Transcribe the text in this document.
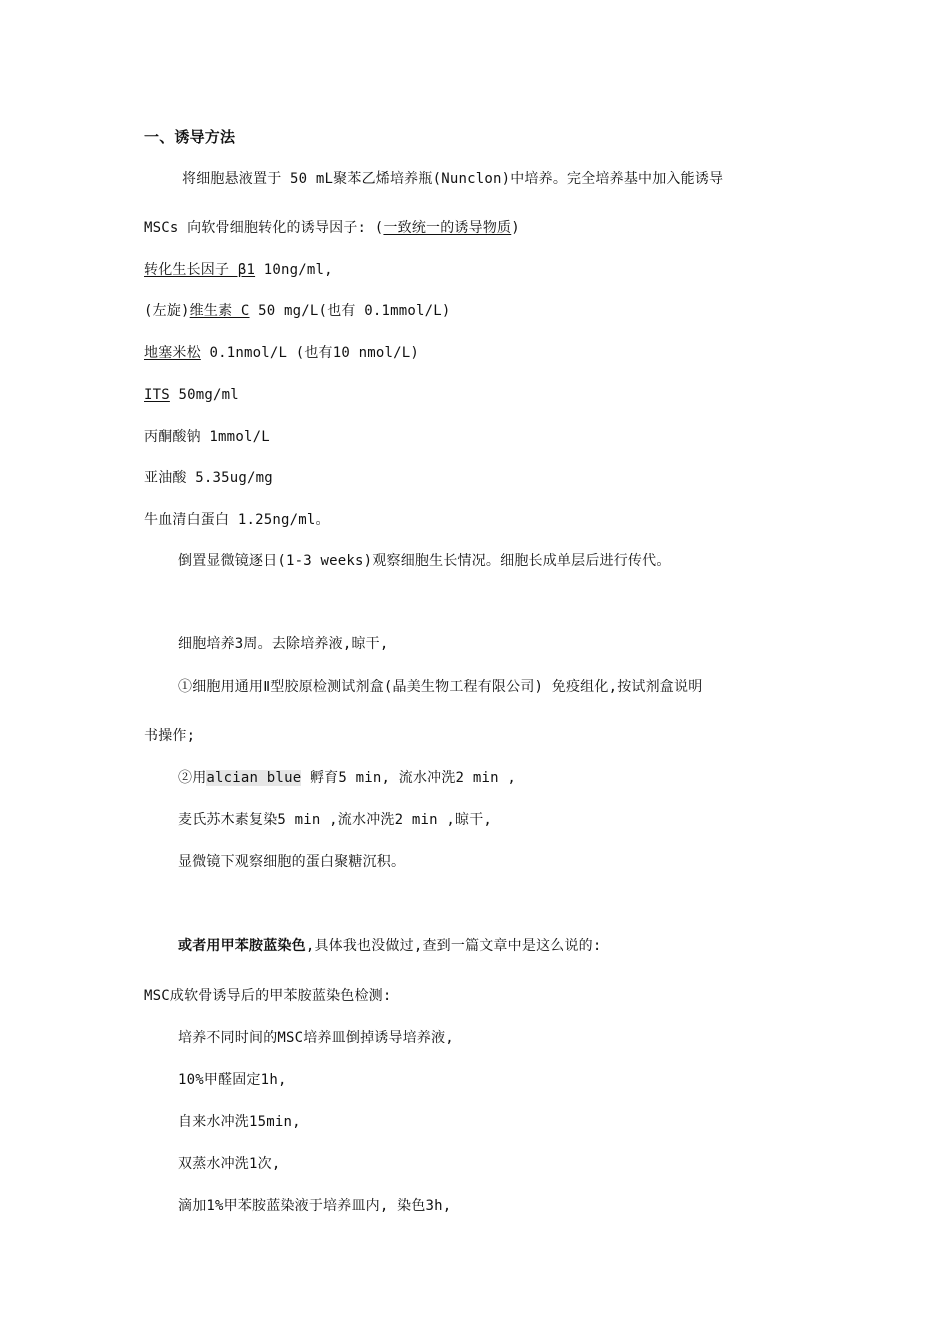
一、诱导方法
将细胞悬液置于 50 mL聚苯乙烯培养瓶(Nunclon)中培养。完全培养基中加入能诱导
MSCs 向软骨细胞转化的诱导因子: (一致统一的诱导物质)
转化生长因子 β1 10ng/ml,
(左旋)维生素 C 50 mg/L(也有 0.1mmol/L)
地塞米松 0.1nmol/L (也有10 nmol/L)
ITS 50mg/ml
丙酮酸钠 1mmol/L
亚油酸 5.35ug/mg
牛血清白蛋白 1.25ng/ml。
倒置显微镜逐日(1-3 weeks)观察细胞生长情况。细胞长成单层后进行传代。
细胞培养3周。去除培养液,晾干,
①细胞用通用Ⅱ型胶原检测试剂盒(晶美生物工程有限公司) 免疫组化,按试剂盒说明
书操作;
②用alcian blue 孵育5 min, 流水冲洗2 min ,
麦氏苏木素复染5 min ,流水冲洗2 min ,晾干,
显微镜下观察细胞的蛋白聚糖沉积。
或者用甲苯胺蓝染色,具体我也没做过,查到一篇文章中是这么说的:
MSC成软骨诱导后的甲苯胺蓝染色检测:
培养不同时间的MSC培养皿倒掉诱导培养液,
10%甲醛固定1h,
自来水冲洗15min,
双蒸水冲洗1次,
滴加1%甲苯胺蓝染液于培养皿内, 染色3h,
